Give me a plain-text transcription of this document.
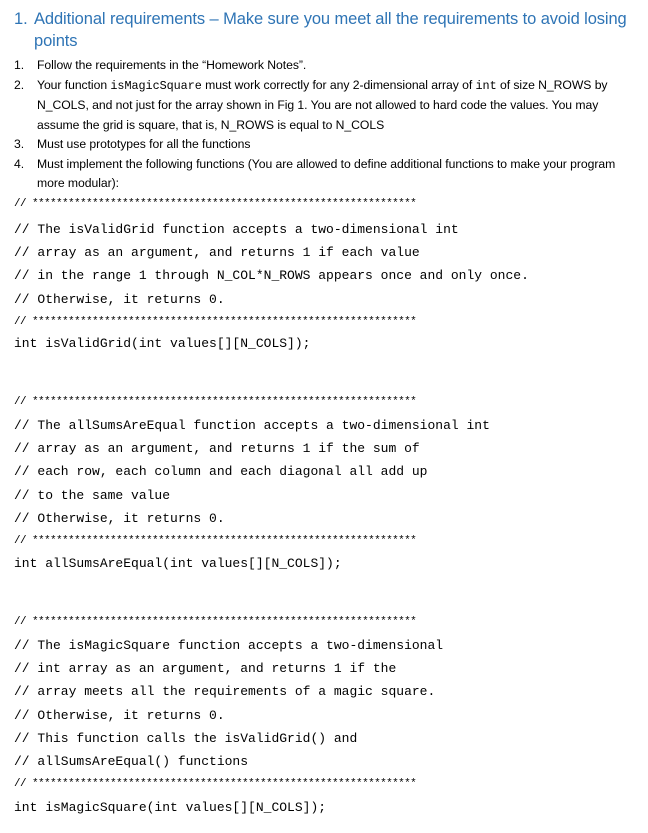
1. Additional requirements – Make sure you meet all the requirements to avoid losing points
1. Follow the requirements in the “Homework Notes”.
2. Your function isMagicSquare must work correctly for any 2-dimensional array of int of size N_ROWS by N_COLS, and not just for the array shown in Fig 1. You are not allowed to hard code the values. You may assume the grid is square, that is, N_ROWS is equal to N_COLS
3. Must use prototypes for all the functions
4. Must implement the following functions (You are allowed to define additional functions to make your program more modular):
// ****************************************************************
// The isValidGrid function accepts a two-dimensional int
// array as an argument, and returns 1 if each value
// in the range 1 through N_COL*N_ROWS appears once and only once.
// Otherwise, it returns 0.
// ****************************************************************
int isValidGrid(int values[][N_COLS]);
// ****************************************************************
// The allSumsAreEqual function accepts a two-dimensional int
// array as an argument, and returns 1 if the sum of
// each row, each column and each diagonal all add up
// to the same value
// Otherwise, it returns 0.
// ****************************************************************
int allSumsAreEqual(int values[][N_COLS]);
// ****************************************************************
// The isMagicSquare function accepts a two-dimensional
// int array as an argument, and returns 1 if the
// array meets all the requirements of a magic square.
// Otherwise, it returns 0.
// This function calls the isValidGrid() and
// allSumsAreEqual() functions
// ****************************************************************
int isMagicSquare(int values[][N_COLS]);
